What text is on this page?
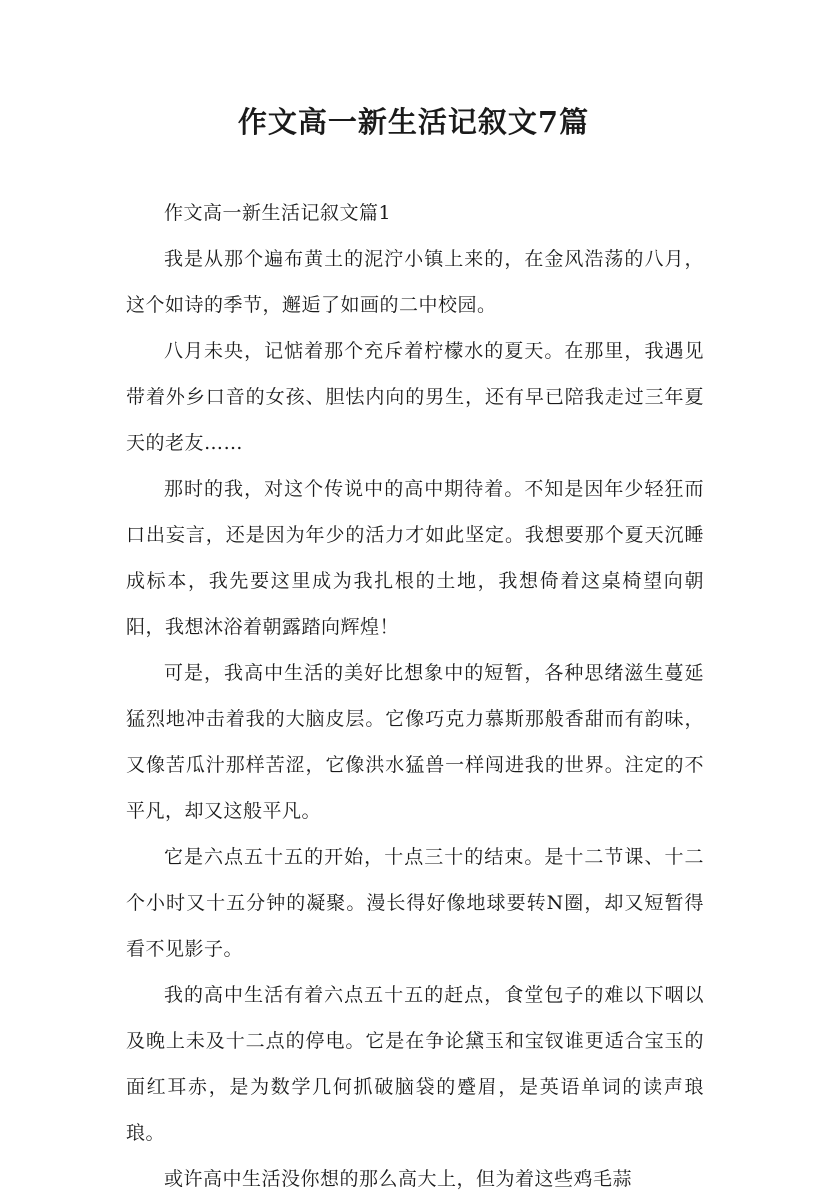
作文高一新生活记叙文7篇

作文高一新生活记叙文篇1

我是从那个遍布黄土的泥泞小镇上来的，在金风浩荡的八月，这个如诗的季节，邂逅了如画的二中校园。

八月未央，记惦着那个充斥着柠檬水的夏天。在那里，我遇见带着外乡口音的女孩、胆怯内向的男生，还有早已陪我走过三年夏天的老友……

那时的我，对这个传说中的高中期待着。不知是因年少轻狂而口出妄言，还是因为年少的活力才如此坚定。我想要那个夏天沉睡成标本，我先要这里成为我扎根的土地，我想倚着这桌椅望向朝阳，我想沐浴着朝露踏向辉煌！

可是，我高中生活的美好比想象中的短暂，各种思绪滋生蔓延猛烈地冲击着我的大脑皮层。它像巧克力慕斯那般香甜而有韵味，又像苦瓜汁那样苦涩，它像洪水猛兽一样闯进我的世界。注定的不平凡，却又这般平凡。

它是六点五十五的开始，十点三十的结束。是十二节课、十二个小时又十五分钟的凝聚。漫长得好像地球要转N圈，却又短暂得看不见影子。

我的高中生活有着六点五十五的赶点，食堂包子的难以下咽以及晚上未及十二点的停电。它是在争论黛玉和宝钗谁更适合宝玉的面红耳赤，是为数学几何抓破脑袋的蹙眉，是英语单词的读声琅琅。

或许高中生活没你想的那么高大上，但为着这些鸡毛蒜
